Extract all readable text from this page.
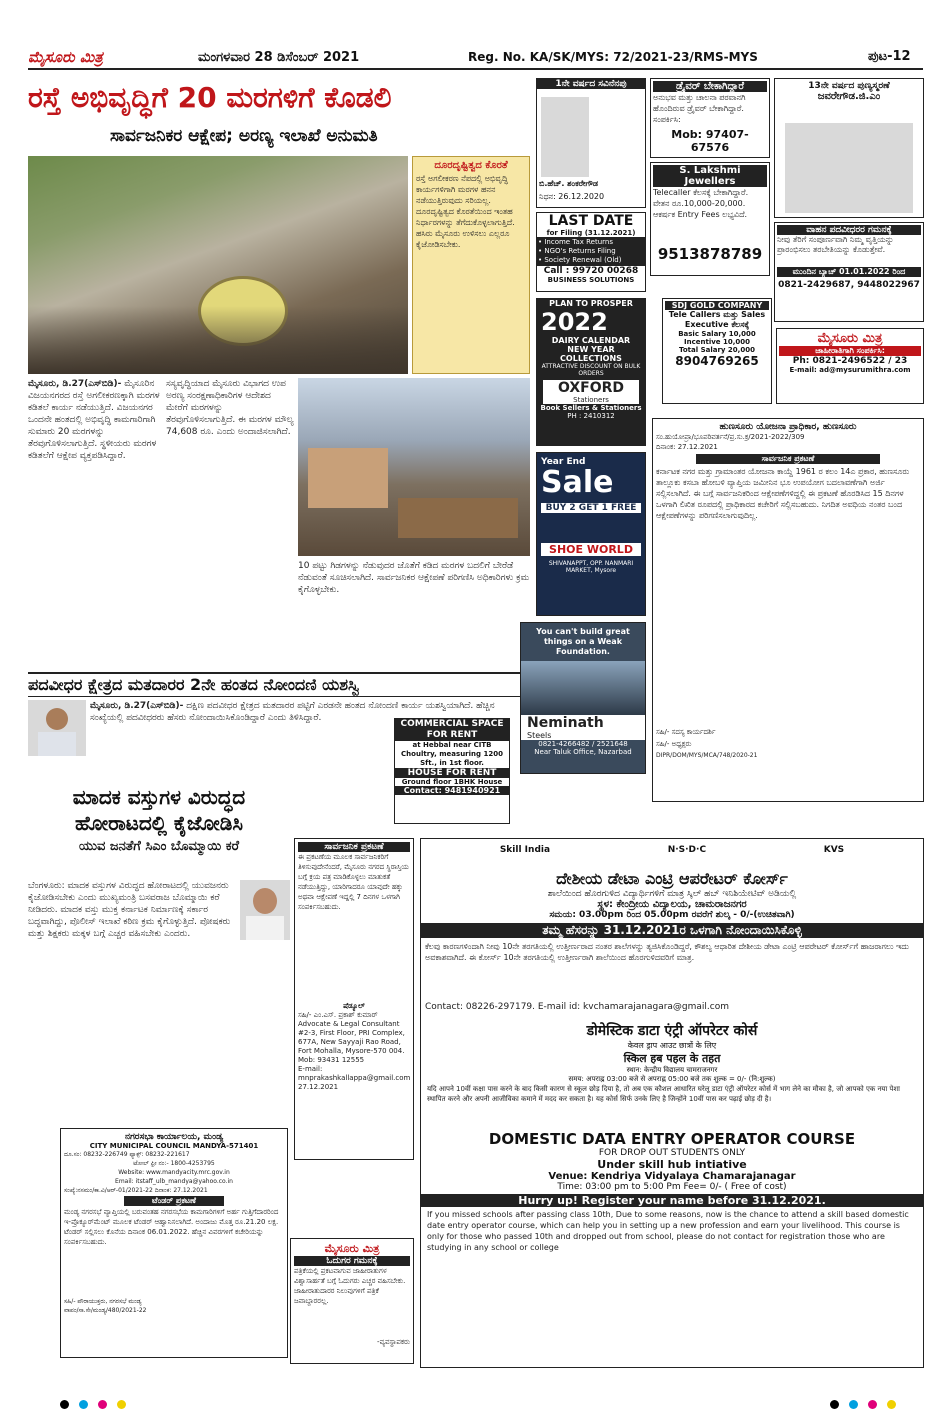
ಮೈಸೂರು ಮಿತ್ರ	ಮಂಗಳವಾರ 28 ಡಿಸೆಂಬರ್ 2021	Reg. No. KA/SK/MYS: 72/2021-23/RMS-MYS	ಪುಟ-12
ರಸ್ತೆ ಅಭಿವೃದ್ಧಿಗೆ 20 ಮರಗಳಿಗೆ ಕೊಡಲಿ
ಸಾರ್ವಜನಿಕರ ಆಕ್ಷೇಪ; ಅರಣ್ಯ ಇಲಾಖೆ ಅನುಮತಿ
ದೂರದೃಷ್ಟಿತ್ವದ ಕೊರತೆ
ರಸ್ತೆ ಅಗಲೀಕರಣ ನೆಪದಲ್ಲಿ ಅಭಿವೃದ್ಧಿ ಕಾರ್ಯಗಳಿಗಾಗಿ ಮರಗಳ ಹನನ ನಡೆಯುತ್ತಿರುವುದು ಸರಿಯಲ್ಲ. ದೂರದೃಷ್ಟಿತ್ವದ ಕೊರತೆಯಿಂದ ಇಂತಹ ನಿರ್ಧಾರಗಳನ್ನು ತೆಗೆದುಕೊಳ್ಳಲಾಗುತ್ತಿದೆ. ಹಸಿರು ಮೈಸೂರು ಉಳಿಸಲು ಎಲ್ಲರೂ ಕೈಜೋಡಿಸಬೇಕು.
ಮೈಸೂರು, ಡಿ.27(ಎಸ್‌ಬಿಡಿ)- ಮೈಸೂರಿನ ವಿಜಯನಗರದ ರಸ್ತೆ ಅಗಲೀಕರಣಕ್ಕಾಗಿ ಮರಗಳ ಕಡಿತಲೆ ಕಾರ್ಯ ನಡೆಯುತ್ತಿದೆ. ವಿಜಯನಗರ ಒಂದನೇ ಹಂತದಲ್ಲಿ ಅಭಿವೃದ್ಧಿ ಕಾಮಗಾರಿಗಾಗಿ ಸುಮಾರು 20 ಮರಗಳನ್ನು ತೆರವುಗೊಳಿಸಲಾಗುತ್ತಿದೆ. ಸ್ಥಳೀಯರು ಮರಗಳ ಕಡಿತಲೆಗೆ ಆಕ್ಷೇಪ ವ್ಯಕ್ತಪಡಿಸಿದ್ದಾರೆ.
ಸಸ್ಯವೃದ್ಧಿಯಾದ ಮೈಸೂರು ವಿಭಾಗದ ಉಪ ಅರಣ್ಯ ಸಂರಕ್ಷಣಾಧಿಕಾರಿಗಳ ಆದೇಶದ ಮೇರೆಗೆ ಮರಗಳನ್ನು ತೆರವುಗೊಳಿಸಲಾಗುತ್ತಿದೆ. ಈ ಮರಗಳ ಮೌಲ್ಯ 74,608 ರೂ. ಎಂದು ಅಂದಾಜಿಸಲಾಗಿದೆ.
10 ಪಟ್ಟು ಗಿಡಗಳನ್ನು ನೆಡುವುದರ ಜೊತೆಗೆ ಕಡಿದ ಮರಗಳ ಬದಲಿಗೆ ಬೇರೆಡೆ ನೆಡುವಂತೆ ಸೂಚಿಸಲಾಗಿದೆ. ಸಾರ್ವಜನಿಕರ ಆಕ್ಷೇಪಣೆ ಪರಿಗಣಿಸಿ ಅಧಿಕಾರಿಗಳು ಕ್ರಮ ಕೈಗೊಳ್ಳಬೇಕು.
ಪದವೀಧರ ಕ್ಷೇತ್ರದ ಮತದಾರರ 2ನೇ ಹಂತದ ನೋಂದಣಿ ಯಶಸ್ವಿ
ಮೈಸೂರು, ಡಿ.27(ಎಸ್‌ಬಿಡಿ)- ದಕ್ಷಿಣ ಪದವೀಧರ ಕ್ಷೇತ್ರದ ಮತದಾರರ ಪಟ್ಟಿಗೆ ಎರಡನೇ ಹಂತದ ನೋಂದಣಿ ಕಾರ್ಯ ಯಶಸ್ವಿಯಾಗಿದೆ. ಹೆಚ್ಚಿನ ಸಂಖ್ಯೆಯಲ್ಲಿ ಪದವೀಧರರು ಹೆಸರು ನೋಂದಾಯಿಸಿಕೊಂಡಿದ್ದಾರೆ ಎಂದು ತಿಳಿಸಿದ್ದಾರೆ.
ಮಾದಕ ವಸ್ತುಗಳ ವಿರುದ್ಧದ
ಹೋರಾಟದಲ್ಲಿ ಕೈಜೋಡಿಸಿ
ಯುವ ಜನತೆಗೆ ಸಿಎಂ ಬೊಮ್ಮಾಯಿ ಕರೆ
ಬೆಂಗಳೂರು: ಮಾದಕ ವಸ್ತುಗಳ ವಿರುದ್ಧದ ಹೋರಾಟದಲ್ಲಿ ಯುವಜನರು ಕೈಜೋಡಿಸಬೇಕು ಎಂದು ಮುಖ್ಯಮಂತ್ರಿ ಬಸವರಾಜ ಬೊಮ್ಮಾಯಿ ಕರೆ ನೀಡಿದರು. ಮಾದಕ ವಸ್ತು ಮುಕ್ತ ಕರ್ನಾಟಕ ನಿರ್ಮಾಣಕ್ಕೆ ಸರ್ಕಾರ ಬದ್ಧವಾಗಿದ್ದು, ಪೊಲೀಸ್ ಇಲಾಖೆ ಕಠಿಣ ಕ್ರಮ ಕೈಗೊಳ್ಳುತ್ತಿದೆ. ಪೋಷಕರು ಮತ್ತು ಶಿಕ್ಷಕರು ಮಕ್ಕಳ ಬಗ್ಗೆ ಎಚ್ಚರ ವಹಿಸಬೇಕು ಎಂದರು.
1ನೇ ವರ್ಷದ ಸವಿನೆನಪು
ಬಿ.ಹೆಚ್. ಶಂಕರೇಗೌಡ
ನಿಧನ: 26.12.2020
ಡ್ರೈವರ್ ಬೇಕಾಗಿದ್ದಾರೆ
ಅನುಭವ ಮತ್ತು ಚಾಲನಾ ಪರವಾನಗಿ ಹೊಂದಿರುವ ಡ್ರೈವರ್ ಬೇಕಾಗಿದ್ದಾರೆ. ಸಂಪರ್ಕಿಸಿ:
Mob: 97407-67576
S. Lakshmi Jewellers
Telecaller ಕೆಲಸಕ್ಕೆ ಬೇಕಾಗಿದ್ದಾರೆ. ವೇತನ ರೂ.10,000-20,000. ಆಕರ್ಷಕ Entry Fees ಲಭ್ಯವಿದೆ.
9513878789
13ನೇ ವರ್ಷದ ಪುಣ್ಯಸ್ಮರಣೆ
ಜವರೇಗೌಡ.ಜಿ.ಎಂ
LAST DATE
for Filing (31.12.2021)
• Income Tax Returns
• NGO's Returns Filing
• Society Renewal (Old)
Call : 99720 00268
BUSINESS SOLUTIONS
ವಾಹನ ಪದವೀಧರರ ಗಮನಕ್ಕೆ
ನೀವು ತೆರಿಗೆ ಸಂಪೂರ್ಣವಾಗಿ ನಿಮ್ಮ ವೃತ್ತಿಯನ್ನು ಪ್ರಾರಂಭಿಸಲು ತರಬೇತಿಯನ್ನು ಕೊಡುತ್ತೇವೆ.
ಮುಂದಿನ ಬ್ಯಾಚ್ 01.01.2022 ರಿಂದ
0821-2429687, 9448022967
PLAN TO PROSPER
2022
DAIRY CALENDAR
NEW YEAR COLLECTIONS
ATTRACTIVE DISCOUNT ON BULK ORDERS
OXFORD
Stationers
Book Sellers & Stationers
PH : 2410312
SDJ GOLD COMPANY
Tele Callers ಮತ್ತು Sales
Executive ಕೆಲಸಕ್ಕೆ
Basic Salary 10,000
Incentive 10,000
Total Salary 20,000
8904769265
ಮೈಸೂರು ಮಿತ್ರ
ಜಾಹೀರಾತಿಗಾಗಿ ಸಂಪರ್ಕಿಸಿ:
Ph: 0821-2496522 / 23
E-mail: ad@mysurumithra.com
ಹುಣಸೂರು ಯೋಜನಾ ಪ್ರಾಧಿಕಾರ, ಹುಣಸೂರು
ಸಂ.ಹುಯೋಪ್ರಾ/ಭೂಪರಿವರ್ತನೆ/ಪ್ರ.ಸು.ಕ್ರ/2021-2022/309
ದಿನಾಂಕ: 27.12.2021
ಸಾರ್ವಜನಿಕ ಪ್ರಕಟಣೆ
ಕರ್ನಾಟಕ ನಗರ ಮತ್ತು ಗ್ರಾಮಾಂತರ ಯೋಜನಾ ಕಾಯ್ದೆ 1961 ರ ಕಲಂ 14ಎ ಪ್ರಕಾರ, ಹುಣಸೂರು ತಾಲ್ಲೂಕು ಕಸಬಾ ಹೋಬಳಿ ವ್ಯಾಪ್ತಿಯ ಜಮೀನಿನ ಭೂ ಉಪಯೋಗ ಬದಲಾವಣೆಗಾಗಿ ಅರ್ಜಿ ಸಲ್ಲಿಸಲಾಗಿದೆ. ಈ ಬಗ್ಗೆ ಸಾರ್ವಜನಿಕರಿಂದ ಆಕ್ಷೇಪಣೆಗಳಿದ್ದಲ್ಲಿ ಈ ಪ್ರಕಟಣೆ ಹೊರಡಿಸಿದ 15 ದಿನಗಳ ಒಳಗಾಗಿ ಲಿಖಿತ ರೂಪದಲ್ಲಿ ಪ್ರಾಧಿಕಾರದ ಕಚೇರಿಗೆ ಸಲ್ಲಿಸಬಹುದು. ನಿಗದಿತ ಅವಧಿಯ ನಂತರ ಬಂದ ಆಕ್ಷೇಪಣೆಗಳನ್ನು ಪರಿಗಣಿಸಲಾಗುವುದಿಲ್ಲ.
ಸಹಿ/- ಸದಸ್ಯ ಕಾರ್ಯದರ್ಶಿ
ಸಹಿ/- ಅಧ್ಯಕ್ಷರು
DIPR/DOM/MYS/MCA/748/2020-21
Year End
Sale
BUY 2 GET 1 FREE
SHOE WORLD
SHIVANAPPT, OPP. NANMARI MARKET, Mysore
You can't build great things on a Weak Foundation.
Neminath
Steels
0821-4266482 / 2521648
Near Taluk Office, Nazarbad
COMMERCIAL SPACE FOR RENT
at Hebbal near CITB Choultry, measuring 1200 Sft., in 1st floor.
HOUSE FOR RENT
Ground floor 1BHK House
Contact: 9481940921
ಸಾರ್ವಜನಿಕ ಪ್ರಕಟಣೆ
ಈ ಪ್ರಕಟಣೆಯ ಮೂಲಕ ಸಾರ್ವಜನಿಕರಿಗೆ ತಿಳಿಸುವುದೇನೆಂದರೆ, ಮೈಸೂರು ನಗರದ ಸ್ಥಿರಾಸ್ತಿಯ ಬಗ್ಗೆ ಕ್ರಯ ಪತ್ರ ಮಾಡಿಕೊಳ್ಳಲು ಮಾತುಕತೆ ನಡೆಯುತ್ತಿದ್ದು, ಯಾರಿಗಾದರೂ ಯಾವುದೇ ಹಕ್ಕು ಅಥವಾ ಆಕ್ಷೇಪಣೆ ಇದ್ದಲ್ಲಿ 7 ದಿನಗಳ ಒಳಗಾಗಿ ಸಂಪರ್ಕಿಸಬಹುದು.
ಷೆಡ್ಯೂಲ್
ಸಹಿ/- ಎಂ.ಎಸ್. ಪ್ರಕಾಶ್ ಕುಮಾರ್
Advocate & Legal Consultant
#2-3, First Floor, PRI Complex, 677A, New Sayyaji Rao Road, Fort Mohalla, Mysore-570 004. Mob: 93431 12555
E-mail: mnprakashkallappa@gmail.com
27.12.2021
ನಗರಸಭಾ ಕಾರ್ಯಾಲಯ, ಮಂಡ್ಯ
CITY MUNICIPAL COUNCIL MANDYA-571401
ದೂ.ಸಂ: 08232-226749 ಫ್ಯಾಕ್ಸ್: 08232-221617
ಟೋಲ್ ಫ್ರೀ ನಂ:- 1800-4253795
Website: www.mandyacity.mrc.gov.in
Email: itstaff_ulb_mandya@yahoo.co.in
ಸಂಖ್ಯೆ:ನಸಮಂ/ಕಾ.ವಿ/ಆರ್-01/2021-22 ದಿನಾಂಕ: 27.12.2021
ಟೆಂಡರ್ ಪ್ರಕಟಣೆ
ಮಂಡ್ಯ ನಗರಸಭೆ ವ್ಯಾಪ್ತಿಯಲ್ಲಿ ಬರುವಂತಹ ನಗರಸಭೆಯ ಕಾಮಗಾರಿಗಳಿಗೆ ಅರ್ಹ ಗುತ್ತಿಗೆದಾರರಿಂದ ಇ-ಪ್ರೊಕ್ಯೂರ್‌ಮೆಂಟ್ ಮೂಲಕ ಟೆಂಡರ್ ಆಹ್ವಾನಿಸಲಾಗಿದೆ. ಅಂದಾಜು ಮೊತ್ತ ರೂ.21.20 ಲಕ್ಷ. ಟೆಂಡರ್ ಸಲ್ಲಿಸಲು ಕೊನೆಯ ದಿನಾಂಕ 06.01.2022. ಹೆಚ್ಚಿನ ವಿವರಗಳಿಗೆ ಕಚೇರಿಯನ್ನು ಸಂಪರ್ಕಿಸಬಹುದು.
ಸಹಿ/- ಪೌರಾಯುಕ್ತರು, ನಗರಸಭೆ ಮಂಡ್ಯ
ವಾಪಂ/ಸಾ.ಸೇ/ಮಂಡ್ಯ/480/2021-22
ಮೈಸೂರು ಮಿತ್ರ
ಓದುಗರ ಗಮನಕ್ಕೆ
ಪತ್ರಿಕೆಯಲ್ಲಿ ಪ್ರಕಟವಾಗುವ ಜಾಹೀರಾತುಗಳ ವಿಶ್ವಾಸಾರ್ಹತೆ ಬಗ್ಗೆ ಓದುಗರು ಎಚ್ಚರ ವಹಿಸಬೇಕು. ಜಾಹೀರಾತುದಾರರ ನಿಲುವುಗಳಿಗೆ ಪತ್ರಿಕೆ ಜವಾಬ್ದಾರರಲ್ಲ.
-ವ್ಯವಸ್ಥಾಪಕರು
Skill India	N·S·D·C	KVS
ದೇಶೀಯ ಡೇಟಾ ಎಂಟ್ರಿ ಆಪರೇಟರ್ ಕೋರ್ಸ್
ಶಾಲೆಯಿಂದ ಹೊರಗುಳಿದ ವಿದ್ಯಾರ್ಥಿಗಳಿಗೆ ಮಾತ್ರ ಸ್ಕಿಲ್ ಹಬ್ ಇನಿಶಿಯೇಟಿವ್ ಅಡಿಯಲ್ಲಿ
ಸ್ಥಳ: ಕೇಂದ್ರೀಯ ವಿದ್ಯಾಲಯ, ಚಾಮರಾಜನಗರ
ಸಮಯ: 03.00pm ರಿಂದ 05.00pm ರವರೆಗೆ ಶುಲ್ಕ - 0/-(ಉಚಿತವಾಗಿ)
ತಮ್ಮ ಹೆಸರನ್ನು 31.12.2021ರ ಒಳಗಾಗಿ ನೋಂದಾಯಿಸಿಕೊಳ್ಳಿ
ಕೆಲವು ಕಾರಣಗಳಿಂದಾಗಿ ನೀವು 10ನೇ ತರಗತಿಯಲ್ಲಿ ಉತ್ತೀರ್ಣರಾದ ನಂತರ ಶಾಲೆಗಳನ್ನು ತ್ಯಜಿಸಿಕೊಂಡಿದ್ದರೆ, ಕೌಶಲ್ಯ ಆಧಾರಿತ ದೇಶೀಯ ಡೇಟಾ ಎಂಟ್ರಿ ಆಪರೇಟರ್ ಕೋರ್ಸ್‌ಗೆ ಹಾಜರಾಗಲು ಇದು ಅವಕಾಶವಾಗಿದೆ. ಈ ಕೋರ್ಸ್ 10ನೇ ತರಗತಿಯಲ್ಲಿ ಉತ್ತೀರ್ಣರಾಗಿ ಶಾಲೆಯಿಂದ ಹೊರಗುಳಿದವರಿಗೆ ಮಾತ್ರ.
Contact: 08226-297179. E-mail id: kvchamarajanagara@gmail.com
डोमेस्टिक डाटा एंट्री ऑपरेटर कोर्स
केवल ड्राप आउट छात्रों के लिए
स्किल हब पहल के तहत
स्थान: केन्द्रीय विद्यालय चामराजनगर
समय: अपराह्न 03:00 बजे से अपराह्न 05:00 बजे तक शुल्क = 0/- (नि:शुल्क)
यदि आपने 10वीं कक्षा पास करने के बाद किसी कारण से स्कूल छोड़ दिया है, तो अब एक कौशल आधारित घरेलू डाटा एंट्री ऑपरेटर कोर्स में भाग लेने का मौका है, जो आपको एक नया पेशा स्थापित करने और अपनी आजीविका कमाने में मदद कर सकता है। यह कोर्स सिर्फ उनके लिए है जिन्होंने 10वीं पास कर पढ़ाई छोड़ दी है।
DOMESTIC DATA ENTRY OPERATOR COURSE
FOR DROP OUT STUDENTS ONLY
Under skill hub intiative
Venue: Kendriya Vidyalaya Chamarajanagar
Time: 03:00 pm to 5:00 Pm Fee= 0/- ( Free of cost)
Hurry up! Register your name before 31.12.2021.
If you missed schools after passing class 10th, Due to some reasons, now is the chance to attend a skill based domestic date entry operator course, which can help you in setting up a new profession and earn your livelihood. This course is only for those who passed 10th and dropped out from school, please do not contact for registration those who are studying in any school or college
